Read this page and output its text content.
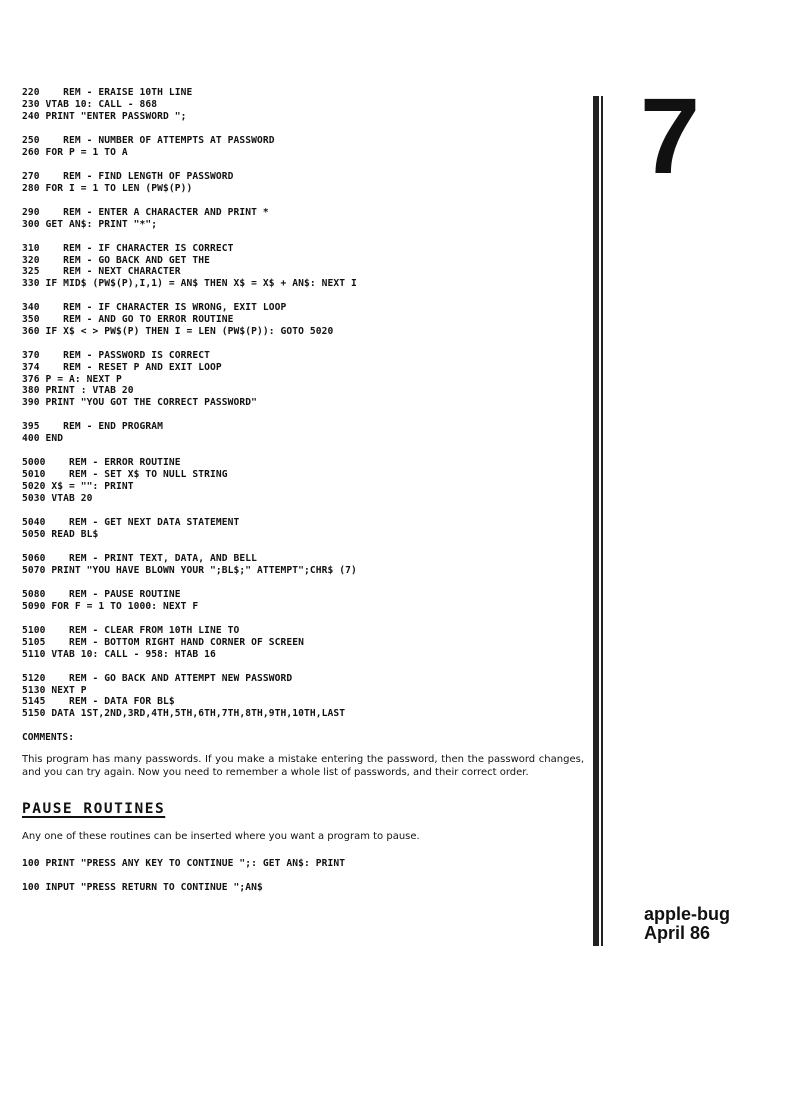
220    REM - ERAISE 10TH LINE
230 VTAB 10: CALL - 868
240 PRINT "ENTER PASSWORD ";
250    REM - NUMBER OF ATTEMPTS AT PASSWORD
260 FOR P = 1 TO A
270    REM - FIND LENGTH OF PASSWORD
280 FOR I = 1 TO LEN (PW$(P))
290    REM - ENTER A CHARACTER AND PRINT *
300 GET AN$: PRINT "*";
310    REM - IF CHARACTER IS CORRECT
320    REM - GO BACK AND GET THE
325    REM - NEXT CHARACTER
330 IF MID$ (PW$(P),I,1) = AN$ THEN X$ = X$ + AN$: NEXT I
340    REM - IF CHARACTER IS WRONG, EXIT LOOP
350    REM - AND GO TO ERROR ROUTINE
360 IF X$ < > PW$(P) THEN I = LEN (PW$(P)): GOTO 5020
370    REM - PASSWORD IS CORRECT
374    REM - RESET P AND EXIT LOOP
376 P = A: NEXT P
380 PRINT : VTAB 20
390 PRINT "YOU GOT THE CORRECT PASSWORD"
395    REM - END PROGRAM
400 END
5000    REM - ERROR ROUTINE
5010    REM - SET X$ TO NULL STRING
5020 X$ = "": PRINT
5030 VTAB 20
5040    REM - GET NEXT DATA STATEMENT
5050 READ BL$
5060    REM - PRINT TEXT, DATA, AND BELL
5070 PRINT "YOU HAVE BLOWN YOUR ";BL$;" ATTEMPT";CHR$ (7)
5080    REM - PAUSE ROUTINE
5090 FOR F = 1 TO 1000: NEXT F
5100    REM - CLEAR FROM 10TH LINE TO
5105    REM - BOTTOM RIGHT HAND CORNER OF SCREEN
5110 VTAB 10: CALL - 958: HTAB 16
5120    REM - GO BACK AND ATTEMPT NEW PASSWORD
5130 NEXT P
5145    REM - DATA FOR BL$
5150 DATA 1ST,2ND,3RD,4TH,5TH,6TH,7TH,8TH,9TH,10TH,LAST
COMMENTS:

This program has many passwords. If you make a mistake entering the password, then the password changes, and you can try again. Now you need to remember a whole list of passwords, and their correct order.

PAUSE ROUTINES

Any one of these routines can be inserted where you want a program to pause.

100 PRINT "PRESS ANY KEY TO CONTINUE ";: GET AN$: PRINT
100 INPUT "PRESS RETURN TO CONTINUE ";AN$
7
apple-bug
April 86
